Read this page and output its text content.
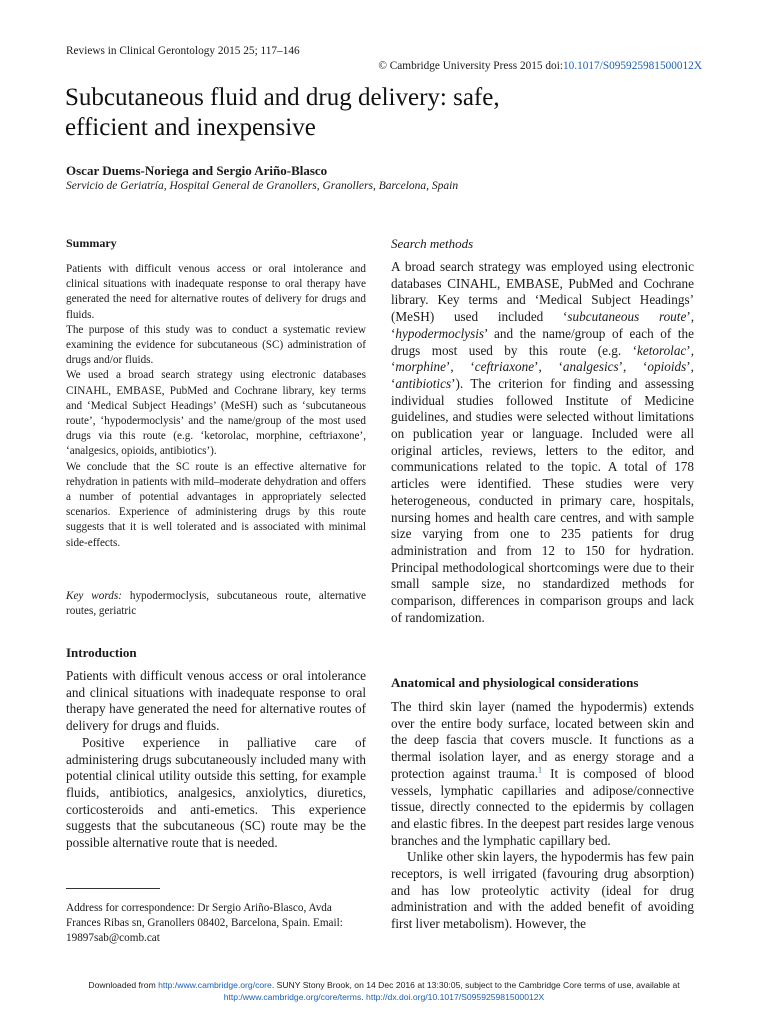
Reviews in Clinical Gerontology 2015 25; 117–146
© Cambridge University Press 2015 doi:10.1017/S095925981500012X
Subcutaneous fluid and drug delivery: safe,
efficient and inexpensive
Oscar Duems-Noriega and Sergio Ariño-Blasco
Servicio de Geriatría, Hospital General de Granollers, Granollers, Barcelona, Spain
Summary

Patients with difficult venous access or oral intolerance and clinical situations with inadequate response to oral therapy have generated the need for alternative routes of delivery for drugs and fluids.

The purpose of this study was to conduct a systematic review examining the evidence for subcutaneous (SC) administration of drugs and/or fluids.

We used a broad search strategy using electronic databases CINAHL, EMBASE, PubMed and Cochrane library, key terms and ‘Medical Subject Headings’ (MeSH) such as ‘subcutaneous route’, ‘hypodermoclysis’ and the name/group of the most used drugs via this route (e.g. ‘ketorolac, morphine, ceftriaxone’, ‘analgesics, opioids, antibiotics’).

We conclude that the SC route is an effective alternative for rehydration in patients with mild–moderate dehydration and offers a number of potential advantages in appropriately selected scenarios. Experience of administering drugs by this route suggests that it is well tolerated and is associated with minimal side-effects.

Key words: hypodermoclysis, subcutaneous route, alternative routes, geriatric
Introduction

Patients with difficult venous access or oral intolerance and clinical situations with inadequate response to oral therapy have generated the need for alternative routes of delivery for drugs and fluids.

Positive experience in palliative care of administering drugs subcutaneously included many with potential clinical utility outside this setting, for example fluids, antibiotics, analgesics, anxiolytics, diuretics, corticosteroids and anti-emetics. This experience suggests that the subcutaneous (SC) route may be the possible alternative route that is needed.

Address for correspondence: Dr Sergio Ariño-Blasco, Avda Frances Ribas sn, Granollers 08402, Barcelona, Spain. Email: 19897sab@comb.cat
Search methods

A broad search strategy was employed using electronic databases CINAHL, EMBASE, PubMed and Cochrane library. Key terms and ‘Medical Subject Headings’ (MeSH) used included ‘subcutaneous route’, ‘hypodermoclysis’ and the name/group of each of the drugs most used by this route (e.g. ‘ketorolac’, ‘morphine’, ‘ceftriaxone’, ‘analgesics’, ‘opioids’, ‘antibiotics’). The criterion for finding and assessing individual studies followed Institute of Medicine guidelines, and studies were selected without limitations on publication year or language. Included were all original articles, reviews, letters to the editor, and communications related to the topic. A total of 178 articles were identified. These studies were very heterogeneous, conducted in primary care, hospitals, nursing homes and health care centres, and with sample size varying from one to 235 patients for drug administration and from 12 to 150 for hydration. Principal methodological shortcomings were due to their small sample size, no standardized methods for comparison, differences in comparison groups and lack of randomization.

Anatomical and physiological considerations

The third skin layer (named the hypodermis) extends over the entire body surface, located between skin and the deep fascia that covers muscle. It functions as a thermal isolation layer, and as energy storage and a protection against trauma.$^1$ It is composed of blood vessels, lymphatic capillaries and adipose/connective tissue, directly connected to the epidermis by collagen and elastic fibres. In the deepest part resides large venous branches and the lymphatic capillary bed.

Unlike other skin layers, the hypodermis has few pain receptors, is well irrigated (favouring drug absorption) and has low proteolytic activity (ideal for drug administration and with the added benefit of avoiding first liver metabolism). However, the

Downloaded from http:/www.cambridge.org/core. SUNY Stony Brook, on 14 Dec 2016 at 13:30:05, subject to the Cambridge Core terms of use, available at
http:/www.cambridge.org/core/terms. http://dx.doi.org/10.1017/S095925981500012X
